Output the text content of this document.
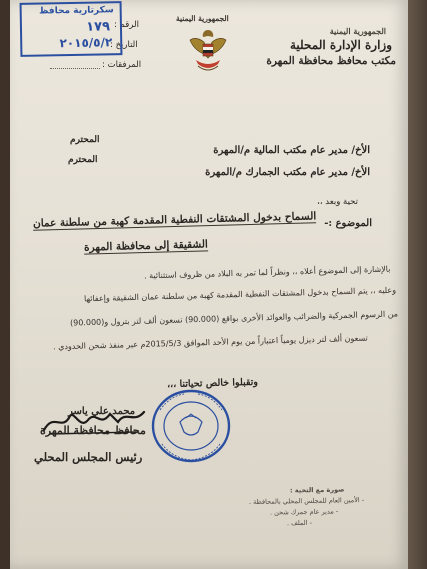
الجمهورية اليمنية
وزارة الإدارة المحلية
مكتب محافظ محافظة المهرة
الجمهورية اليمنية
الرقم :
التاريخ :
المرفقات :
سكرتارية محافظ
١٧٩
٢٠١٥/٥/٢
الأخ/ مدير عام مكتب المالية م/المهرة
المحترم
الأخ/ مدير عام مكتب الجمارك م/المهرة
المحترم
تحية وبعد ،،
الموضوع :-
السماح بدخول المشتقات النفطية المقدمة كهبة من سلطنة عمان
الشقيقة إلى محافظة المهرة
بالإشارة إلى الموضوع أعلاه ،، ونظراً لما تمر به البلاد من ظروف استثنائية .
وعليه ،، يتم السماح بدخول المشتقات النفطية المقدمة كهبة من سلطنة عمان الشقيقة وإعفائها
من الرسوم الجمركية والضرائب والعوائد الأخرى بواقع (90.000) تسعون ألف لتر بترول و(90.000)
تسعون ألف لتر ديزل يومياً اعتباراً من يوم الأحد الموافق 2015/5/3م عبر منفذ شحن الحدودي .
وتقبلوا خالص تحياتنا ،،،
محمد علي ياسر
محافظ محافظة المهرة
رئيس المجلس المحلي
صورة مع التحية :
- الأمين العام للمجلس المحلي بالمحافظة .
- مدير عام جمرك شحن .
- الملف .
